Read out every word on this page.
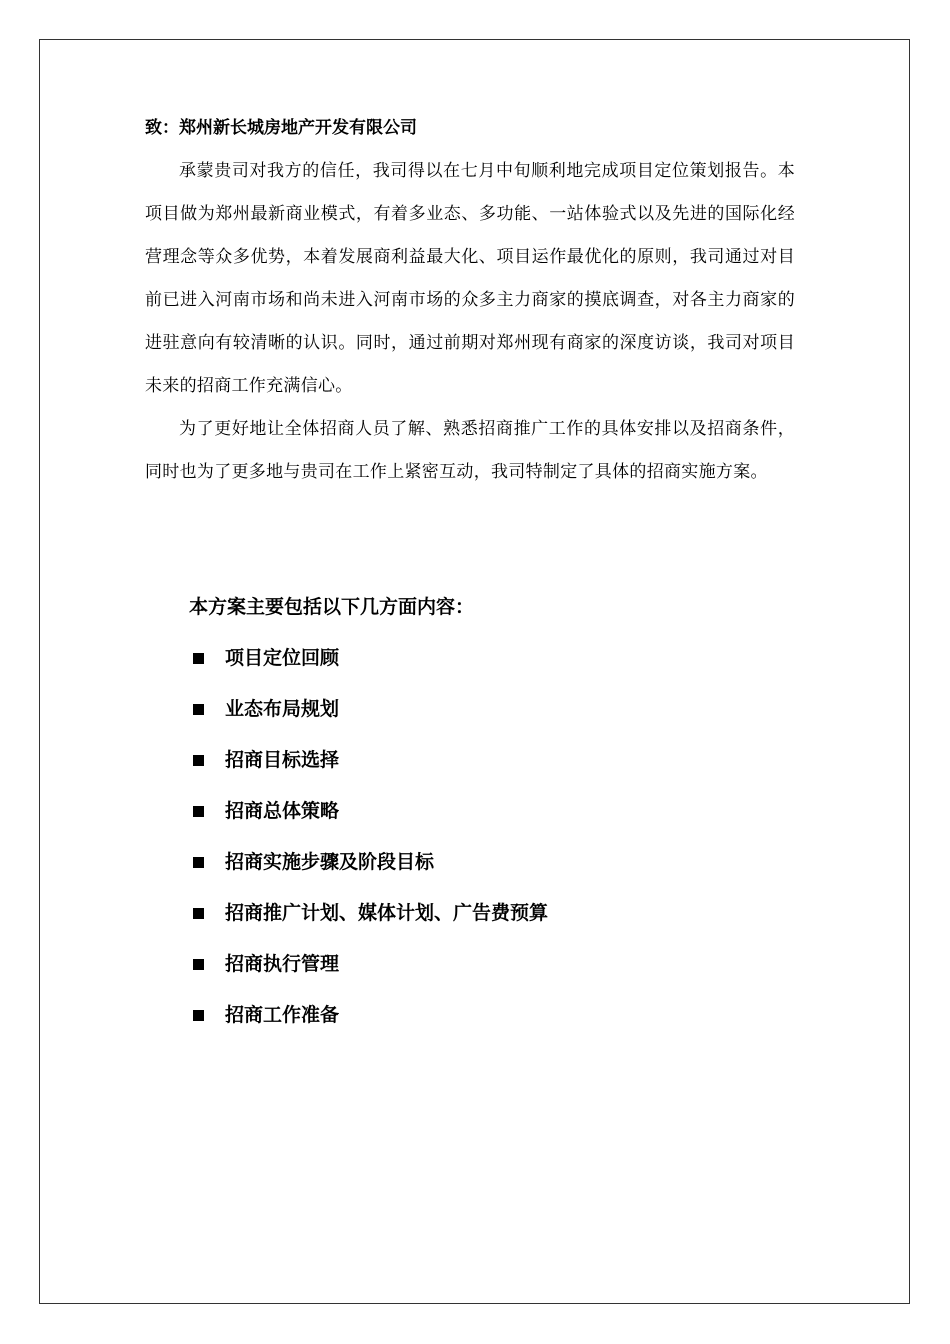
致：郑州新长城房地产开发有限公司

承蒙贵司对我方的信任，我司得以在七月中旬顺利地完成项目定位策划报告。本项目做为郑州最新商业模式，有着多业态、多功能、一站体验式以及先进的国际化经营理念等众多优势，本着发展商利益最大化、项目运作最优化的原则，我司通过对目前已进入河南市场和尚未进入河南市场的众多主力商家的摸底调查，对各主力商家的进驻意向有较清晰的认识。同时，通过前期对郑州现有商家的深度访谈，我司对项目未来的招商工作充满信心。

为了更好地让全体招商人员了解、熟悉招商推广工作的具体安排以及招商条件，同时也为了更多地与贵司在工作上紧密互动，我司特制定了具体的招商实施方案。

本方案主要包括以下几方面内容：
项目定位回顾
业态布局规划
招商目标选择
招商总体策略
招商实施步骤及阶段目标
招商推广计划、媒体计划、广告费预算
招商执行管理
招商工作准备
